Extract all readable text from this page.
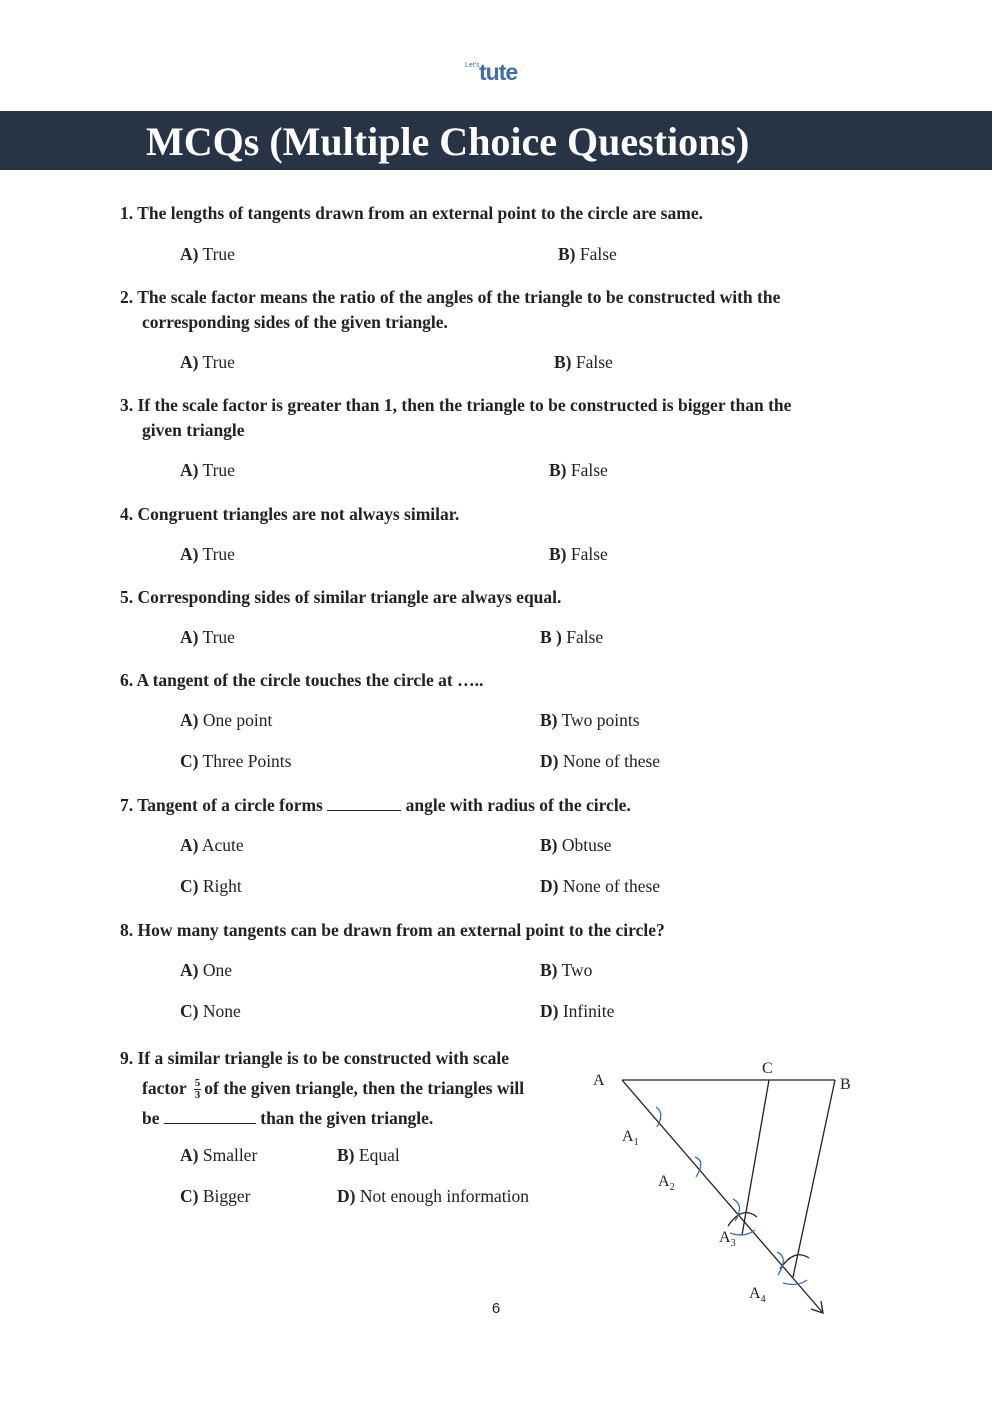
Let's tute
MCQs (Multiple Choice Questions)
1. The lengths of tangents drawn from an external point to the circle are same.
A) True	B) False
2. The scale factor means the ratio of the angles of the triangle to be constructed with the
corresponding sides of the given triangle.
A) True	B) False
3. If the scale factor is greater than 1, then the triangle to be constructed is bigger than the
given triangle
A) True	B) False
4. Congruent triangles are not always similar.
A) True	B) False
5. Corresponding sides of similar triangle are always equal.
A) True	B ) False
6. A tangent of the circle touches the circle at …..
A) One point	B) Two points
C) Three Points	D) None of these
7. Tangent of a circle forms	angle with radius of the circle.
A) Acute	B) Obtuse
C) Right	D) None of these
8. How many tangents can be drawn from an external point to the circle?
A) One	B) Two
C) None	D) Infinite
9. If a similar triangle is to be constructed with scale
factor $\frac{5}{3}$ of the given triangle, then the triangles will
be	than the given triangle.
A) Smaller	B) Equal
C) Bigger	D) Not enough information
A	B
C
$A_1$
$A_2$
$A_3$
$A_4$
6
